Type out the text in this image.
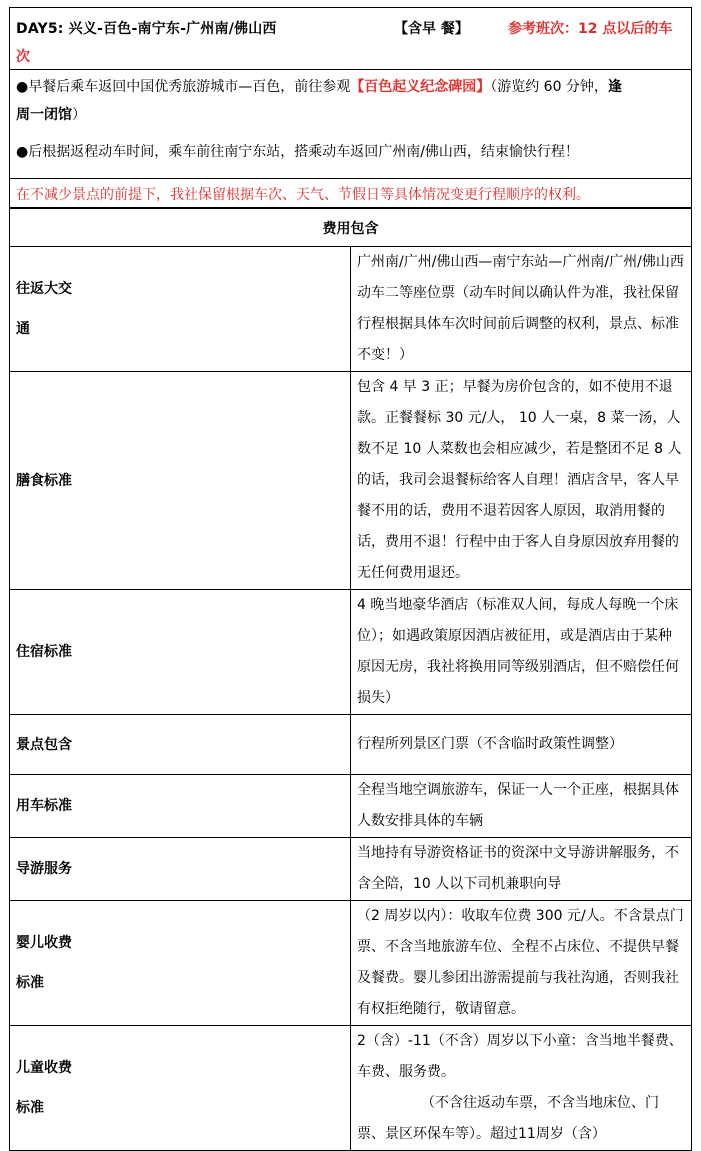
DAY5: 兴义-百色-南宁东-广州南/佛山西	【含早 餐】	参考班次：12 点以后的车
次

●早餐后乘车返回中国优秀旅游城市—百色，前往参观【百色起义纪念碑园】（游览约 60 分钟，逢
周一闭馆）

●后根据返程动车时间，乘车前往南宁东站，搭乘动车返回广州南/佛山西，结束愉快行程！

在不减少景点的前提下，我社保留根据车次、天气、节假日等具体情况变更行程顺序的权利。
费用包含	
往返大交
通	广州南/广州/佛山西—南宁东站—广州南/广州/佛山西 动车二等座位票（动车时间以确认件为准，我社保留行程根据具体车次时间前后调整的权利，景点、标准不变！）
膳食标准	包含 4 早 3 正；早餐为房价包含的，如不使用不退款。正餐餐标 30 元/人， 10 人一桌，8 菜一汤，人数不足 10 人菜数也会相应减少，若是整团不足 8 人的话，我司会退餐标给客人自理！酒店含早，客人早餐不用的话，费用不退若因客人原因，取消用餐的话，费用不退！行程中由于客人自身原因放弃用餐的无任何费用退还。
住宿标准	4 晚当地豪华酒店（标准双人间，每成人每晚一个床位）；如遇政策原因酒店被征用，或是酒店由于某种原因无房，我社将换用同等级别酒店，但不赔偿任何损失）
景点包含	行程所列景区门票（不含临时政策性调整）
用车标准	全程当地空调旅游车，保证一人一个正座，根据具体人数安排具体的车辆
导游服务	当地持有导游资格证书的资深中文导游讲解服务，不含全陪，10 人以下司机兼职向导
婴儿收费
标准	（2 周岁以内）：收取车位费 300 元/人。不含景点门票、不含当地旅游车位、全程不占床位、不提供早餐及餐费。婴儿参团出游需提前与我社沟通，否则我社有权拒绝随行，敬请留意。
儿童收费
标准	2（含）-11（不含）周岁以下小童：含当地半餐费、车费、服务费。
（不含往返动车票，不含当地床位、门票、景区环保车等）。超过11周岁（含）
